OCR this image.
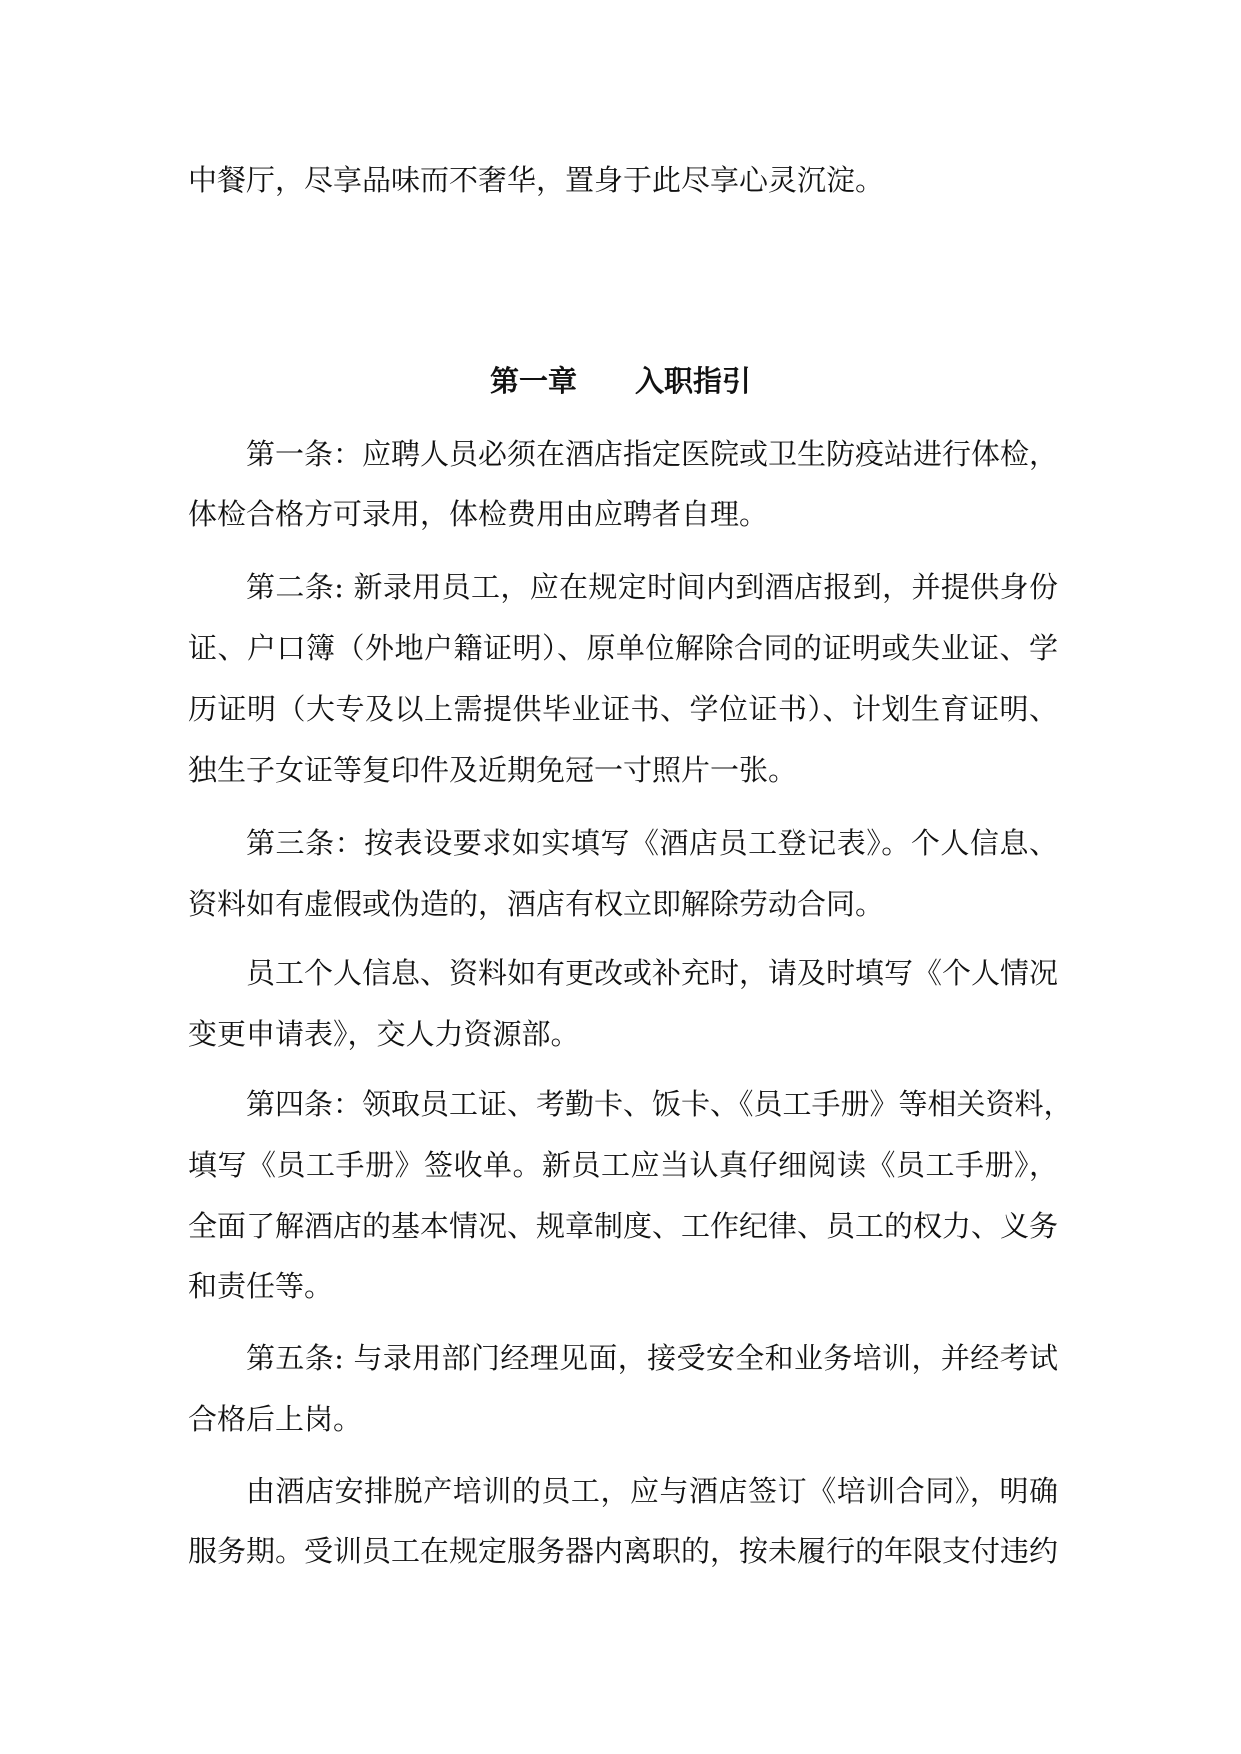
中餐厅，尽享品味而不奢华，置身于此尽享心灵沉淀。

第一章　　入职指引

第一条：应聘人员必须在酒店指定医院或卫生防疫站进行体检，

体检合格方可录用，体检费用由应聘者自理。

第二条: 新录用员工，应在规定时间内到酒店报到，并提供身份

证、户口簿（外地户籍证明）、原单位解除合同的证明或失业证、学

历证明（大专及以上需提供毕业证书、学位证书）、计划生育证明、

独生子女证等复印件及近期免冠一寸照片一张。

第三条：按表设要求如实填写《酒店员工登记表》。个人信息、

资料如有虚假或伪造的，酒店有权立即解除劳动合同。

员工个人信息、资料如有更改或补充时，请及时填写《个人情况

变更申请表》，交人力资源部。

第四条：领取员工证、考勤卡、饭卡、《员工手册》等相关资料，

填写《员工手册》签收单。新员工应当认真仔细阅读《员工手册》，

全面了解酒店的基本情况、规章制度、工作纪律、员工的权力、义务

和责任等。

第五条: 与录用部门经理见面，接受安全和业务培训，并经考试

合格后上岗。

由酒店安排脱产培训的员工，应与酒店签订《培训合同》，明确

服务期。受训员工在规定服务器内离职的，按未履行的年限支付违约
